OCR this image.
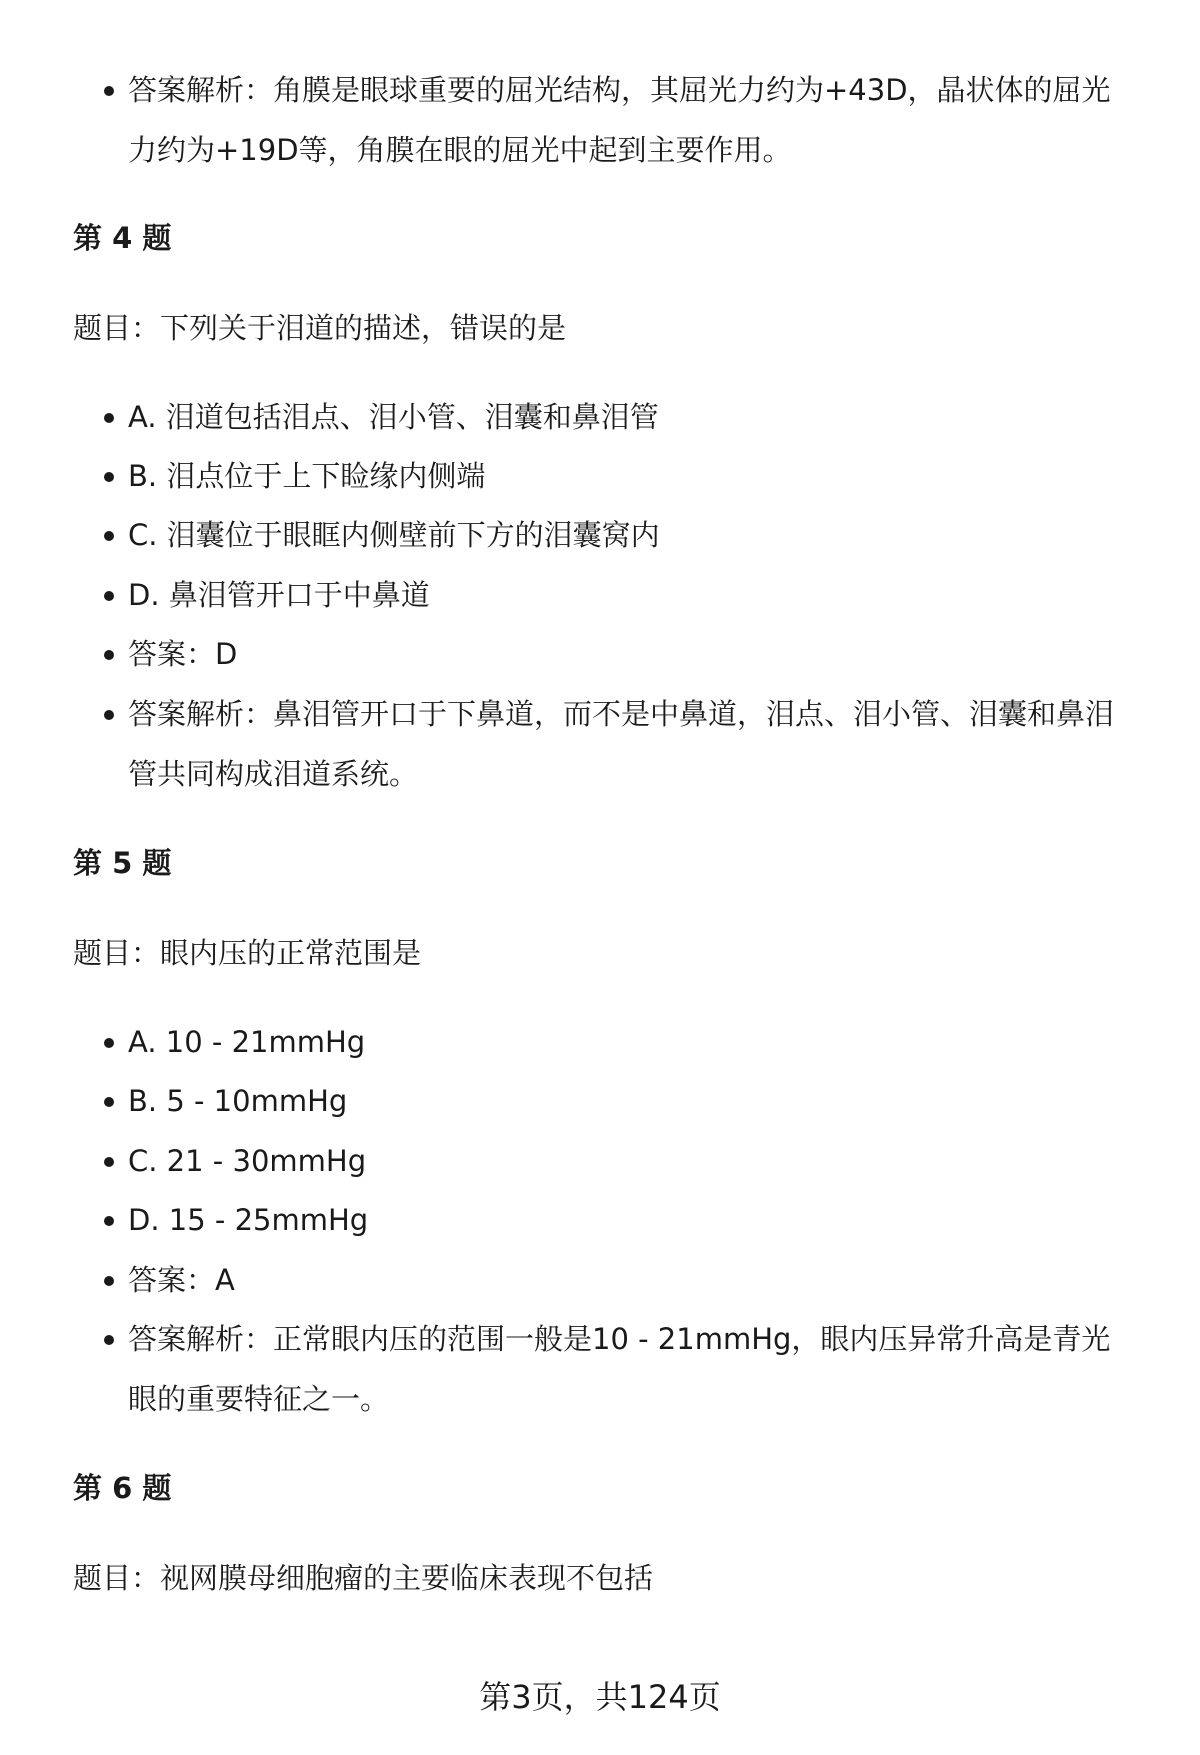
答案解析：角膜是眼球重要的屈光结构，其屈光力约为+43D，晶状体的屈光力约为+19D等，角膜在眼的屈光中起到主要作用。
第 4 题

题目：下列关于泪道的描述，错误的是

A. 泪道包括泪点、泪小管、泪囊和鼻泪管
B. 泪点位于上下睑缘内侧端
C. 泪囊位于眼眶内侧壁前下方的泪囊窝内
D. 鼻泪管开口于中鼻道
答案：D
答案解析：鼻泪管开口于下鼻道，而不是中鼻道，泪点、泪小管、泪囊和鼻泪管共同构成泪道系统。
第 5 题

题目：眼内压的正常范围是

A. 10 - 21mmHg
B. 5 - 10mmHg
C. 21 - 30mmHg
D. 15 - 25mmHg
答案：A
答案解析：正常眼内压的范围一般是10 - 21mmHg，眼内压异常升高是青光眼的重要特征之一。
第 6 题

题目：视网膜母细胞瘤的主要临床表现不包括

第3页，共124页
